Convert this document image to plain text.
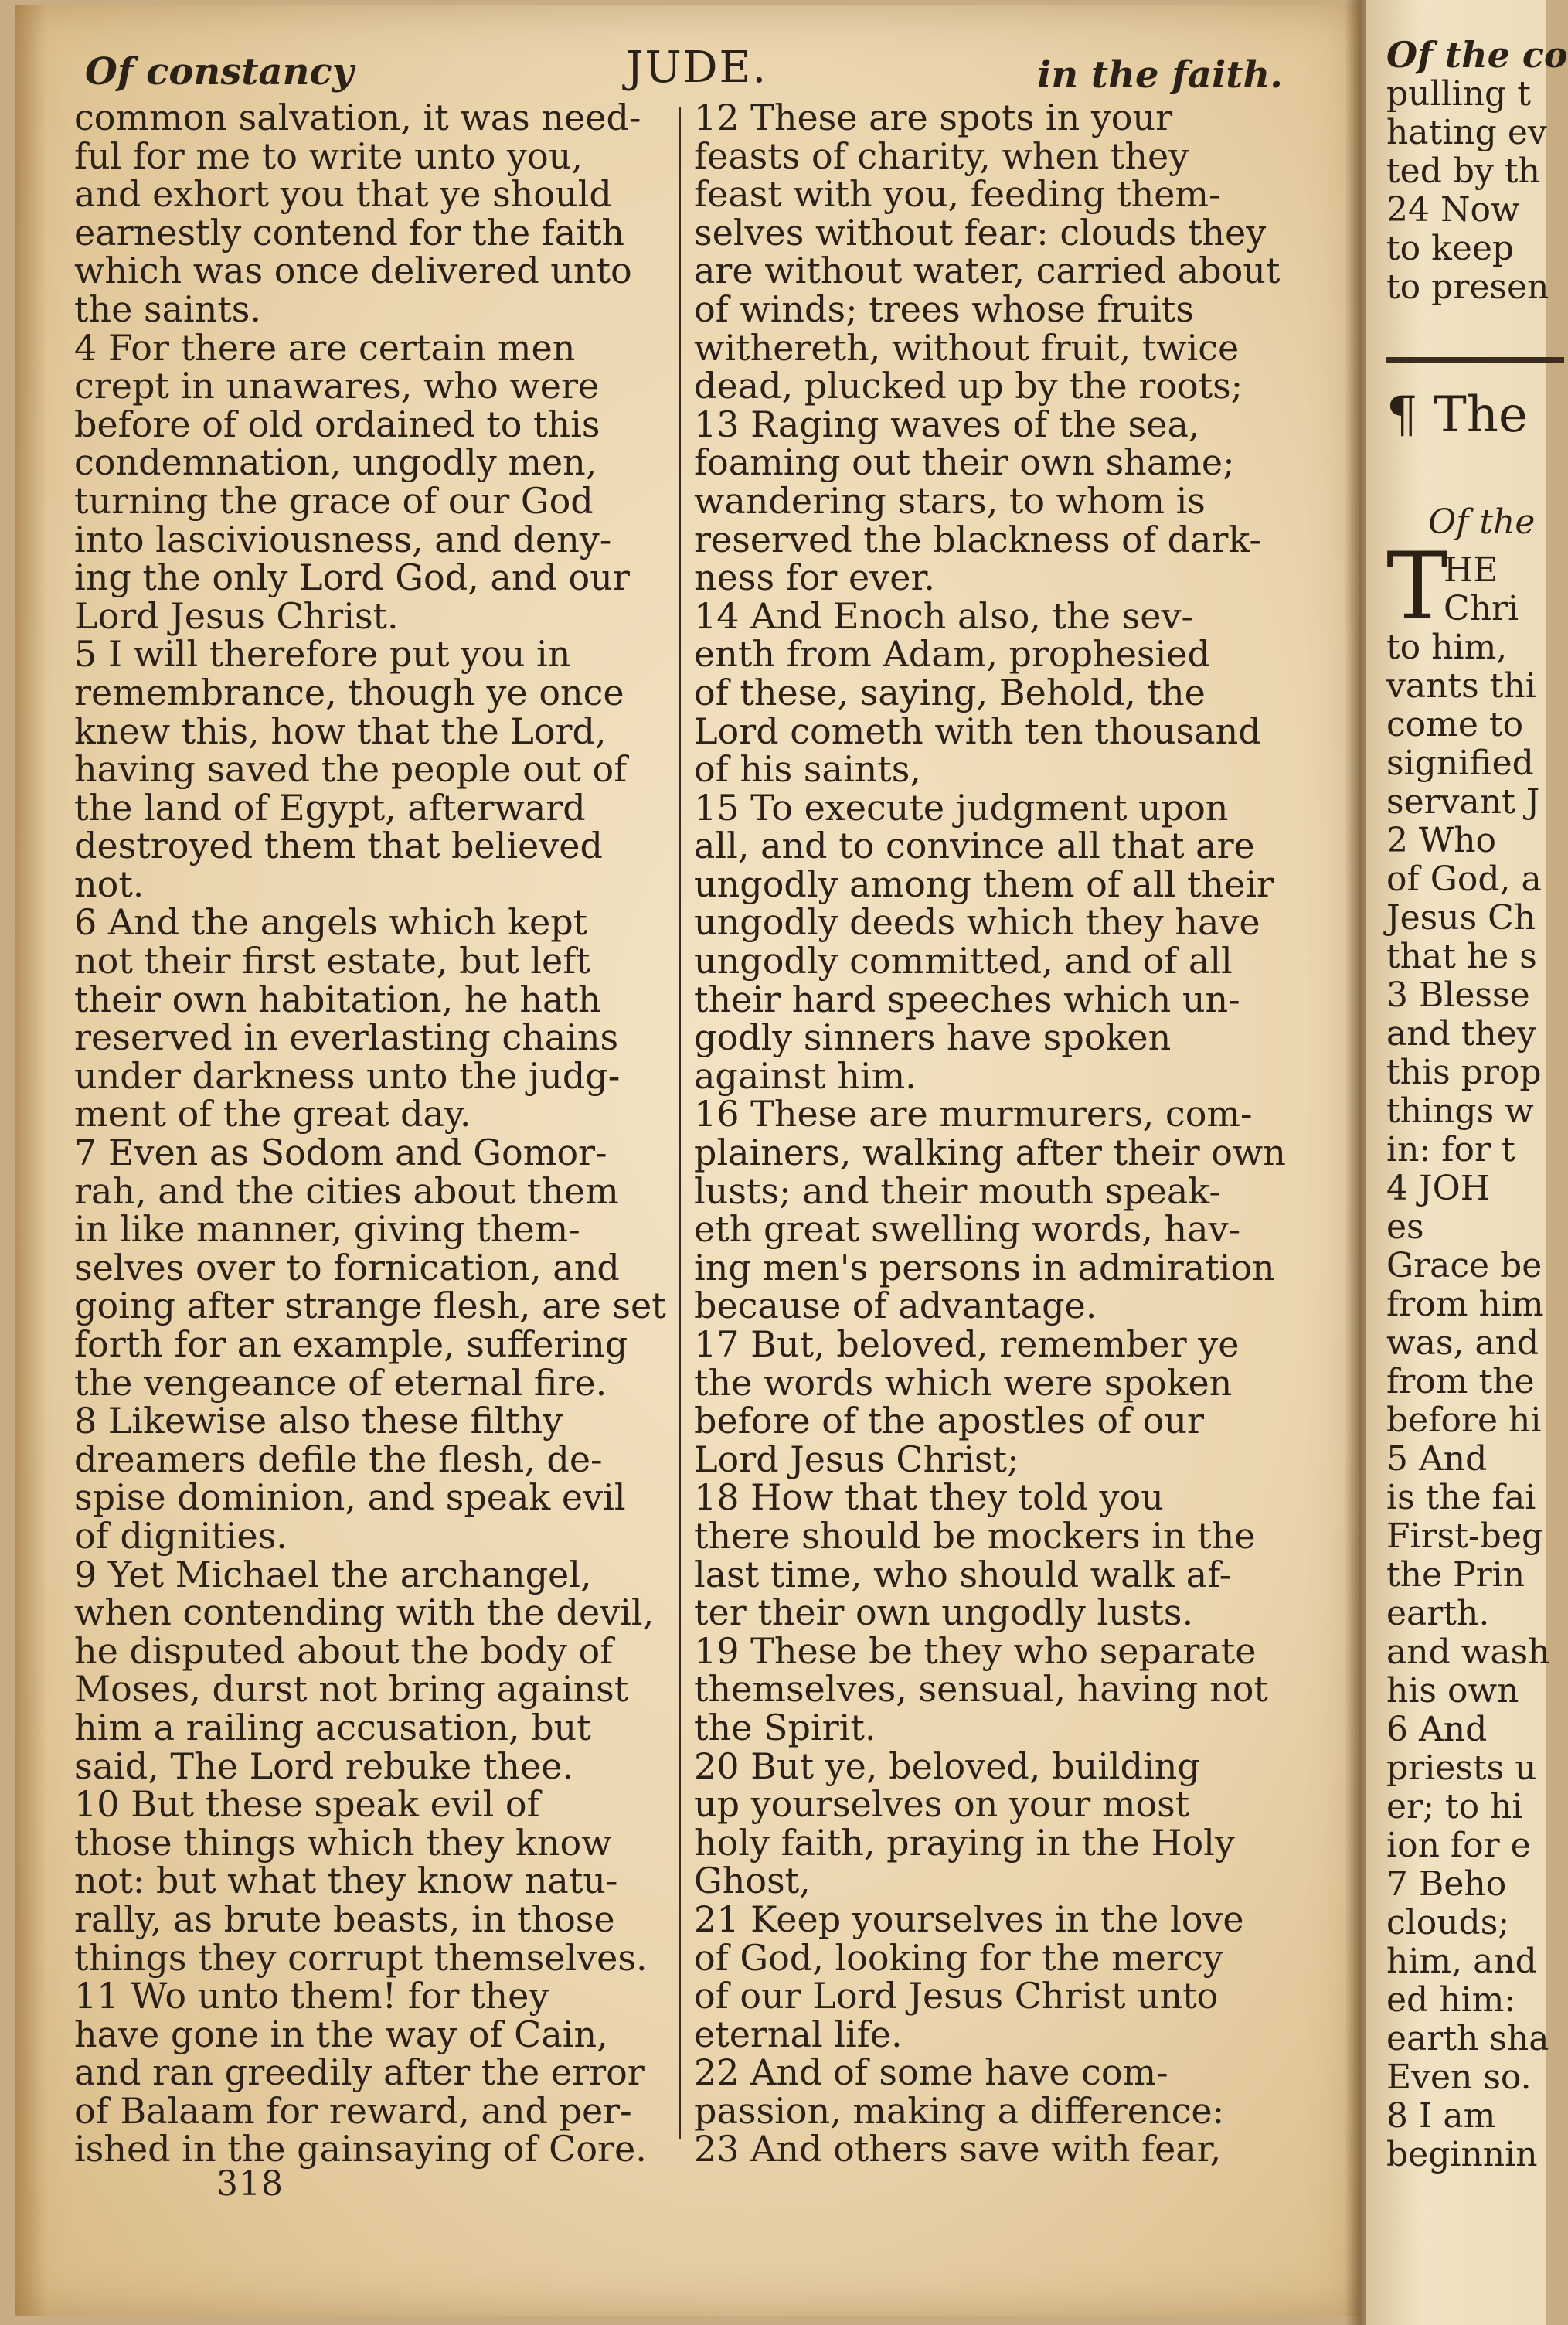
Of constancy	JUDE.	in the faith.
common salvation, it was need-
ful for me to write unto you,
and exhort you that ye should
earnestly contend for the faith
which was once delivered unto
the saints.
4 For there are certain men
crept in unawares, who were
before of old ordained to this
condemnation, ungodly men,
turning the grace of our God
into lasciviousness, and deny-
ing the only Lord God, and our
Lord Jesus Christ.
5 I will therefore put you in
remembrance, though ye once
knew this, how that the Lord,
having saved the people out of
the land of Egypt, afterward
destroyed them that believed
not.
6 And the angels which kept
not their first estate, but left
their own habitation, he hath
reserved in everlasting chains
under darkness unto the judg-
ment of the great day.
7 Even as Sodom and Gomor-
rah, and the cities about them
in like manner, giving them-
selves over to fornication, and
going after strange flesh, are set
forth for an example, suffering
the vengeance of eternal fire.
8 Likewise also these filthy
dreamers defile the flesh, de-
spise dominion, and speak evil
of dignities.
9 Yet Michael the archangel,
when contending with the devil,
he disputed about the body of
Moses, durst not bring against
him a railing accusation, but
said, The Lord rebuke thee.
10 But these speak evil of
those things which they know
not: but what they know natu-
rally, as brute beasts, in those
things they corrupt themselves.
11 Wo unto them! for they
have gone in the way of Cain,
and ran greedily after the error
of Balaam for reward, and per-
ished in the gainsaying of Core.
12 These are spots in your
feasts of charity, when they
feast with you, feeding them-
selves without fear: clouds they
are without water, carried about
of winds; trees whose fruits
withereth, without fruit, twice
dead, plucked up by the roots;
13 Raging waves of the sea,
foaming out their own shame;
wandering stars, to whom is
reserved the blackness of dark-
ness for ever.
14 And Enoch also, the sev-
enth from Adam, prophesied
of these, saying, Behold, the
Lord cometh with ten thousand
of his saints,
15 To execute judgment upon
all, and to convince all that are
ungodly among them of all their
ungodly deeds which they have
ungodly committed, and of all
their hard speeches which un-
godly sinners have spoken
against him.
16 These are murmurers, com-
plainers, walking after their own
lusts; and their mouth speak-
eth great swelling words, hav-
ing men's persons in admiration
because of advantage.
17 But, beloved, remember ye
the words which were spoken
before of the apostles of our
Lord Jesus Christ;
18 How that they told you
there should be mockers in the
last time, who should walk af-
ter their own ungodly lusts.
19 These be they who separate
themselves, sensual, having not
the Spirit.
20 But ye, beloved, building
up yourselves on your most
holy faith, praying in the Holy
Ghost,
21 Keep yourselves in the love
of God, looking for the mercy
of our Lord Jesus Christ unto
eternal life.
22 And of some have com-
passion, making a difference:
23 And others save with fear,
318
Of the co
pulling t
hating ev
ted by th
24 Now
to keep
to presen
¶ The
Of the
T
HE
Chri
to him,
vants thi
come to
signified
servant J
2 Who
of God, a
Jesus Ch
that he s
3 Blesse
and they
this prop
things w
in: for t
4 JOH
es
Grace be
from him
was, and
from the
before hi
5 And
is the fai
First-beg
the Prin
earth.
and wash
his own
6 And
priests u
er; to hi
ion for e
7 Beho
clouds;
him, and
ed him:
earth sha
Even so.
8 I am
beginnin
